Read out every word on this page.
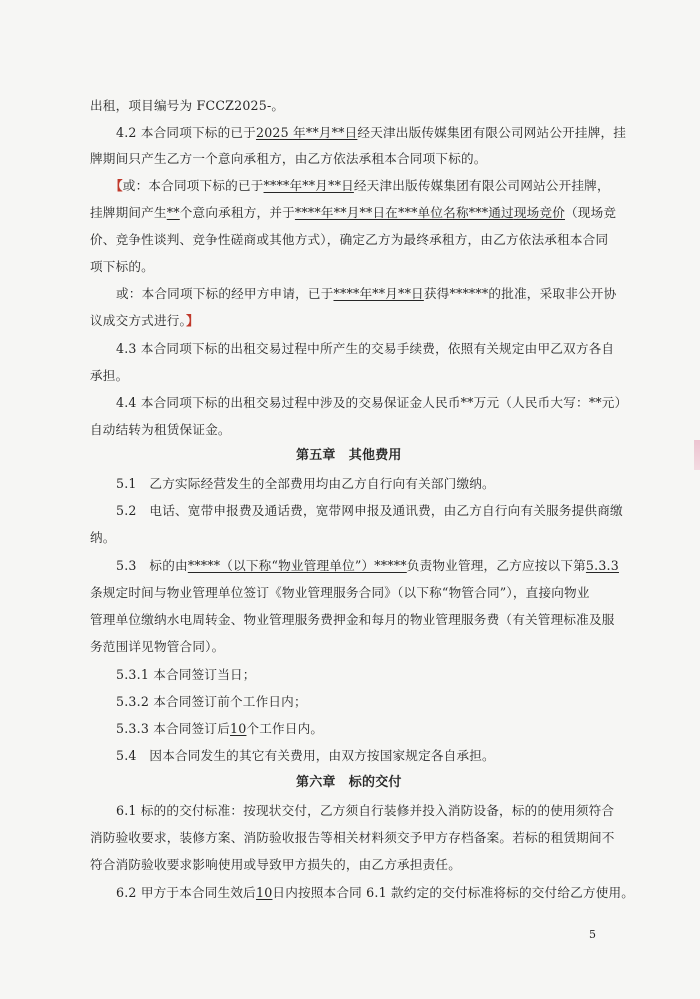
出租，项目编号为 FCCZ2025-。
4.2 本合同项下标的已于2025 年**月**日经天津出版传媒集团有限公司网站公开挂牌，挂
牌期间只产生乙方一个意向承租方，由乙方依法承租本合同项下标的。
【或：本合同项下标的已于****年**月**日经天津出版传媒集团有限公司网站公开挂牌，
挂牌期间产生**个意向承租方，并于****年**月**日在***单位名称***通过现场竞价（现场竞
价、竞争性谈判、竞争性磋商或其他方式），确定乙方为最终承租方，由乙方依法承租本合同
项下标的。
或：本合同项下标的经甲方申请，已于****年**月**日获得******的批准，采取非公开协
议成交方式进行。】
4.3 本合同项下标的出租交易过程中所产生的交易手续费，依照有关规定由甲乙双方各自
承担。
4.4 本合同项下标的出租交易过程中涉及的交易保证金人民币**万元（人民币大写：**元）
自动结转为租赁保证金。
第五章　其他费用
5.1　乙方实际经营发生的全部费用均由乙方自行向有关部门缴纳。
5.2　电话、宽带申报费及通话费，宽带网申报及通讯费，由乙方自行向有关服务提供商缴
纳。
5.3　标的由*****（以下称“物业管理单位”）*****负责物业管理，乙方应按以下第5.3.3
条规定时间与物业管理单位签订《物业管理服务合同》（以下称“物管合同”），直接向物业
管理单位缴纳水电周转金、物业管理服务费押金和每月的物业管理服务费（有关管理标准及服
务范围详见物管合同）。
5.3.1 本合同签订当日；
5.3.2 本合同签订前个工作日内；
5.3.3 本合同签订后10个工作日内。
5.4　因本合同发生的其它有关费用，由双方按国家规定各自承担。
第六章　标的交付
6.1 标的的交付标准：按现状交付，乙方须自行装修并投入消防设备，标的的使用须符合
消防验收要求，装修方案、消防验收报告等相关材料须交予甲方存档备案。若标的租赁期间不
符合消防验收要求影响使用或导致甲方损失的，由乙方承担责任。
6.2 甲方于本合同生效后10日内按照本合同 6.1 款约定的交付标准将标的交付给乙方使用。
5
